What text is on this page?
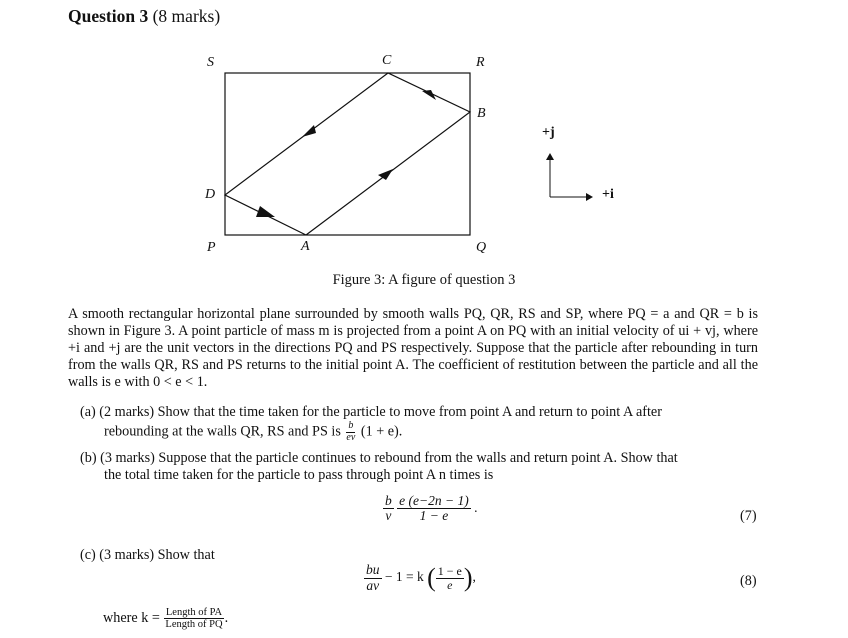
Question 3 (8 marks)
S	C	R
B
D
P	A	Q
+j
+i
Figure 3: A figure of question 3
A smooth rectangular horizontal plane surrounded by smooth walls PQ, QR, RS and SP, where PQ = a and QR = b is shown in Figure 3. A point particle of mass m is projected from a point A on PQ with an initial velocity of ui + vj, where +i and +j are the unit vectors in the directions PQ and PS respectively. Suppose that the particle after rebounding in turn from the walls QR, RS and PS returns to the initial point A. The coefficient of restitution between the particle and all the walls is e with 0 < e < 1.
(a) (2 marks) Show that the time taken for the particle to move from point A and return to point A after
rebounding at the walls QR, RS and PS is $\frac{b}{ev} (1 + e)$.
(b) (3 marks) Suppose that the particle continues to rebound from the walls and return point A. Show that
the total time taken for the particle to pass through point A n times is
$\frac{b}{v}$
$\frac{e (e-2n - 1)}{1 - e}$ .
(7)
(c) (3 marks) Show that
$\frac{bu}{av} - 1 = k$ ( $\frac{1 - e}{e}$ ),	(8)
where $k = \frac{\text{Length of PA}}{\text{Length of PQ}}$ .
